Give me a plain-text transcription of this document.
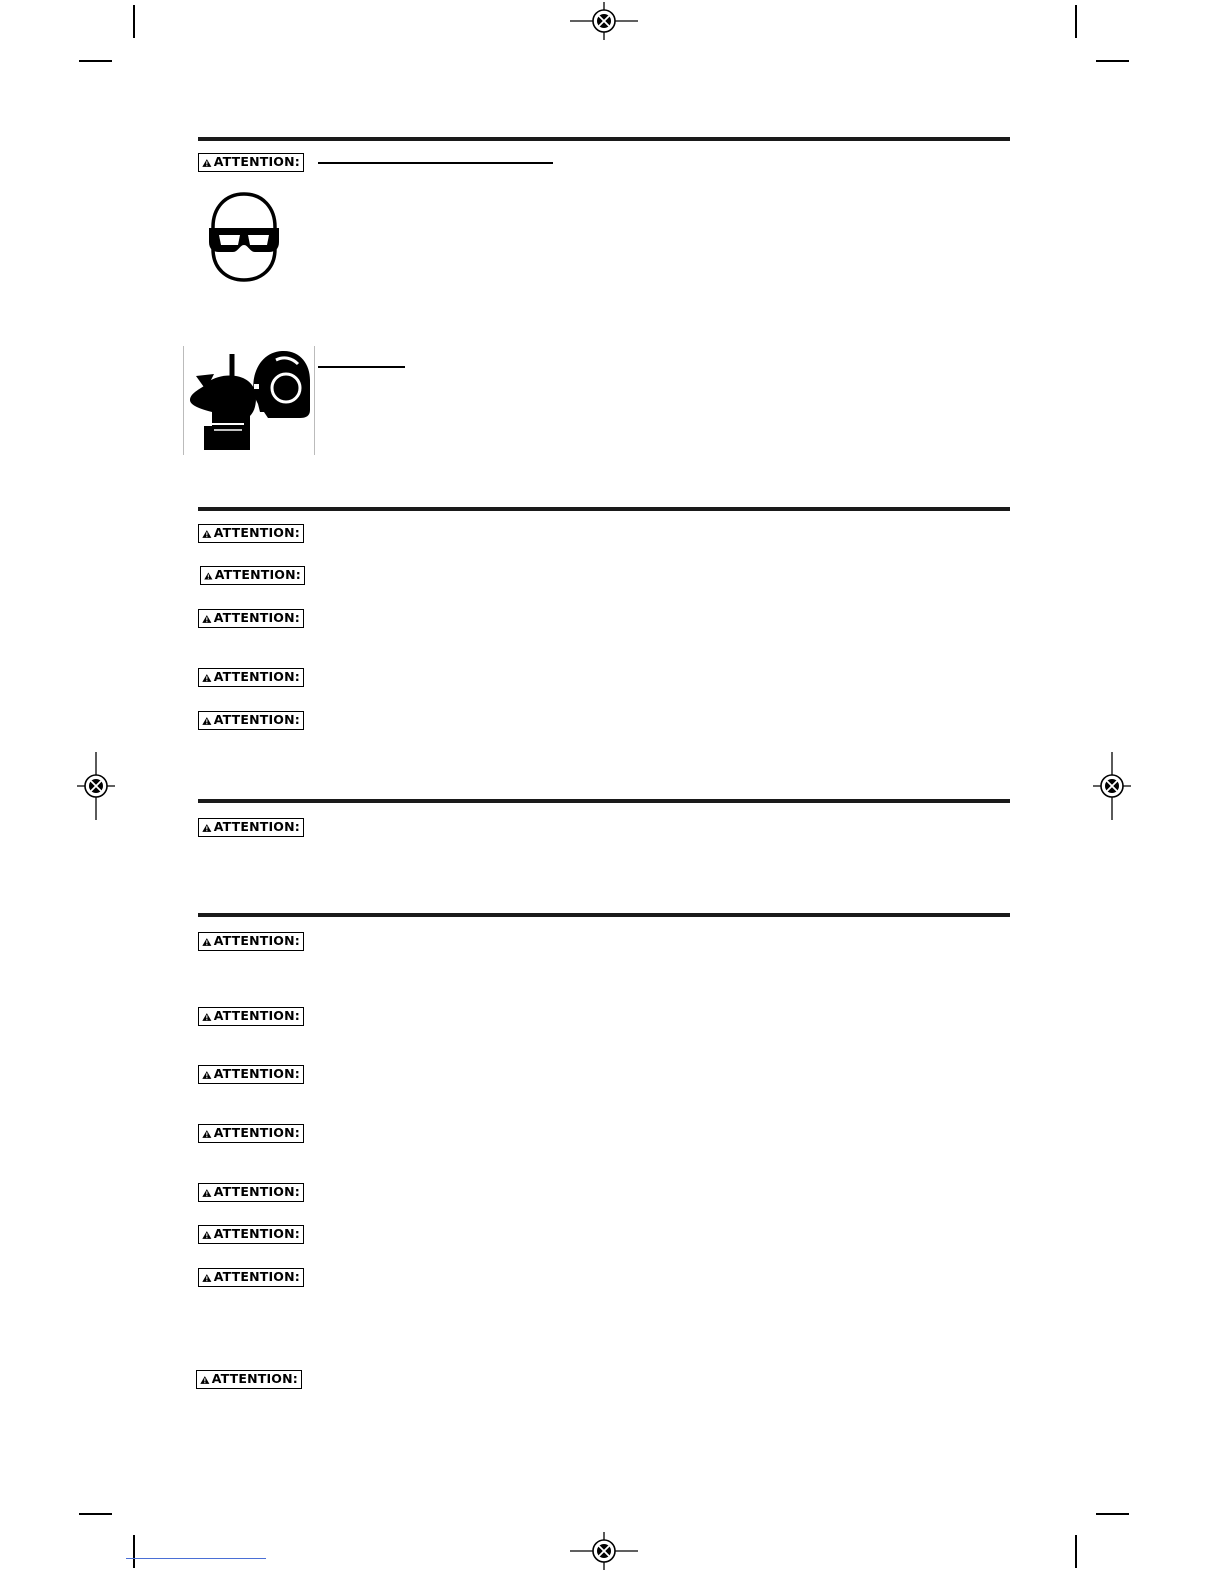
ATTENTION:
ATTENTION:
ATTENTION:
ATTENTION:
ATTENTION:
ATTENTION:
ATTENTION:
ATTENTION:
ATTENTION:
ATTENTION:
ATTENTION:
ATTENTION:
ATTENTION:
ATTENTION:
ATTENTION:
